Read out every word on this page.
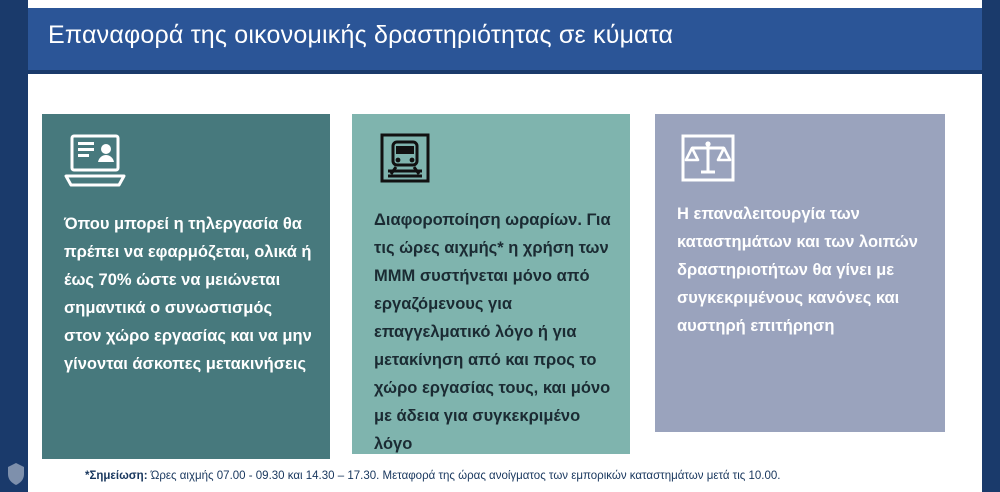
Επαναφορά της οικονομικής δραστηριότητας σε κύματα
Όπου μπορεί η τηλεργασία θα πρέπει να εφαρμόζεται, ολικά ή έως 70% ώστε να μειώνεται σημαντικά ο συνωστισμός στον χώρο εργασίας και να μην γίνονται άσκοπες μετακινήσεις
Διαφοροποίηση ωραρίων. Για τις ώρες αιχμής* η χρήση των ΜΜΜ συστήνεται μόνο από εργαζόμενους για επαγγελματικό λόγο ή για μετακίνηση από και προς το χώρο εργασίας τους, και μόνο με άδεια για συγκεκριμένο λόγο
Η επαναλειτουργία των καταστημάτων και των λοιπών δραστηριοτήτων θα γίνει με συγκεκριμένους κανόνες και αυστηρή επιτήρηση
*Σημείωση: Ώρες αιχμής 07.00 - 09.30 και 14.30 – 17.30. Μεταφορά της ώρας ανοίγματος των εμπορικών καταστημάτων μετά τις 10.00.
